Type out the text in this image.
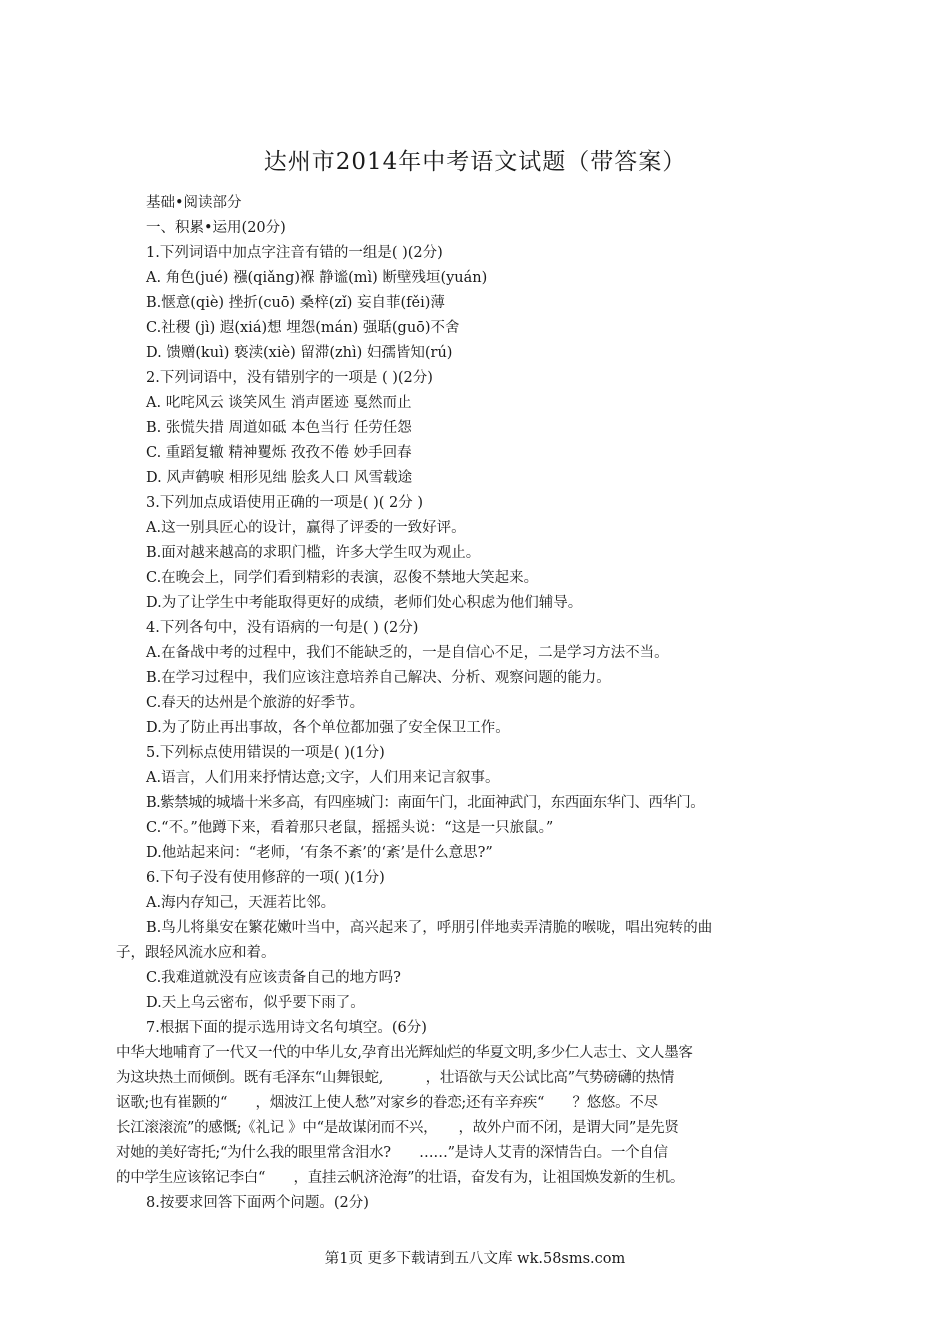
达州市2014年中考语文试题（带答案）
基础•阅读部分
一、积累•运用(20分)
1.下列词语中加点字注音有错的一组是( )(2分)
A. 角色(jué) 襁(qiǎng)褓 静谧(mì) 断壁残垣(yuán)
B.惬意(qiè) 挫折(cuō) 桑梓(zǐ) 妄自菲(fěi)薄
C.社稷 (jì) 遐(xiá)想 埋怨(mán) 强聒(guō)不舍
D. 馈赠(kuì) 亵渎(xiè) 留滞(zhì) 妇孺皆知(rú)
2.下列词语中，没有错别字的一项是 ( )(2分)
A. 叱咤风云 谈笑风生 消声匿迹 戛然而止
B. 张慌失措 周道如砥 本色当行 任劳任怨
C. 重蹈复辙 精神矍烁 孜孜不倦 妙手回春
D. 风声鹤唳 相形见绌 脍炙人口 风雪载途
3.下列加点成语使用正确的一项是( )( 2分 )
A.这一别具匠心的设计，赢得了评委的一致好评。
B.面对越来越高的求职门槛，许多大学生叹为观止。
C.在晚会上，同学们看到精彩的表演，忍俊不禁地大笑起来。
D.为了让学生中考能取得更好的成绩，老师们处心积虑为他们辅导。
4.下列各句中，没有语病的一句是( ) (2分)
A.在备战中考的过程中，我们不能缺乏的，一是自信心不足，二是学习方法不当。
B.在学习过程中，我们应该注意培养自己解决、分析、观察问题的能力。
C.春天的达州是个旅游的好季节。
D.为了防止再出事故，各个单位都加强了安全保卫工作。
5.下列标点使用错误的一项是( )(1分)
A.语言，人们用来抒情达意;文字，人们用来记言叙事。
B.紫禁城的城墙十米多高，有四座城门：南面午门，北面神武门，东西面东华门、西华门。
C.“不。”他蹲下来，看着那只老鼠，摇摇头说：“这是一只旅鼠。”
D.他站起来问：“老师，‘有条不紊’的‘紊’是什么意思?”
6.下句子没有使用修辞的一项( )(1分)
A.海内存知己，天涯若比邻。
B.鸟儿将巢安在繁花嫩叶当中，高兴起来了，呼朋引伴地卖弄清脆的喉咙，唱出宛转的曲
子，跟轻风流水应和着。
C.我难道就没有应该责备自己的地方吗?
D.天上乌云密布，似乎要下雨了。
7.根据下面的提示选用诗文名句填空。(6分)
中华大地哺育了一代又一代的中华儿女,孕育出光辉灿烂的华夏文明,多少仁人志士、文人墨客
为这块热土而倾倒。既有毛泽东“山舞银蛇,　　　，壮语欲与天公试比高”气势磅礴的热情
讴歌;也有崔颢的“　　，烟波江上使人愁”对家乡的眷恋;还有辛弃疾“　　？悠悠。不尽
长江滚滚流”的感慨;《礼记 》中“是故谋闭而不兴，　　，故外户而不闭，是谓大同”是先贤
对她的美好寄托;“为什么我的眼里常含泪水?　　……”是诗人艾青的深情告白。一个自信
的中学生应该铭记李白“　　，直挂云帆济沧海”的壮语，奋发有为，让祖国焕发新的生机。
8.按要求回答下面两个问题。(2分)
第1页 更多下载请到五八文库 wk.58sms.com
